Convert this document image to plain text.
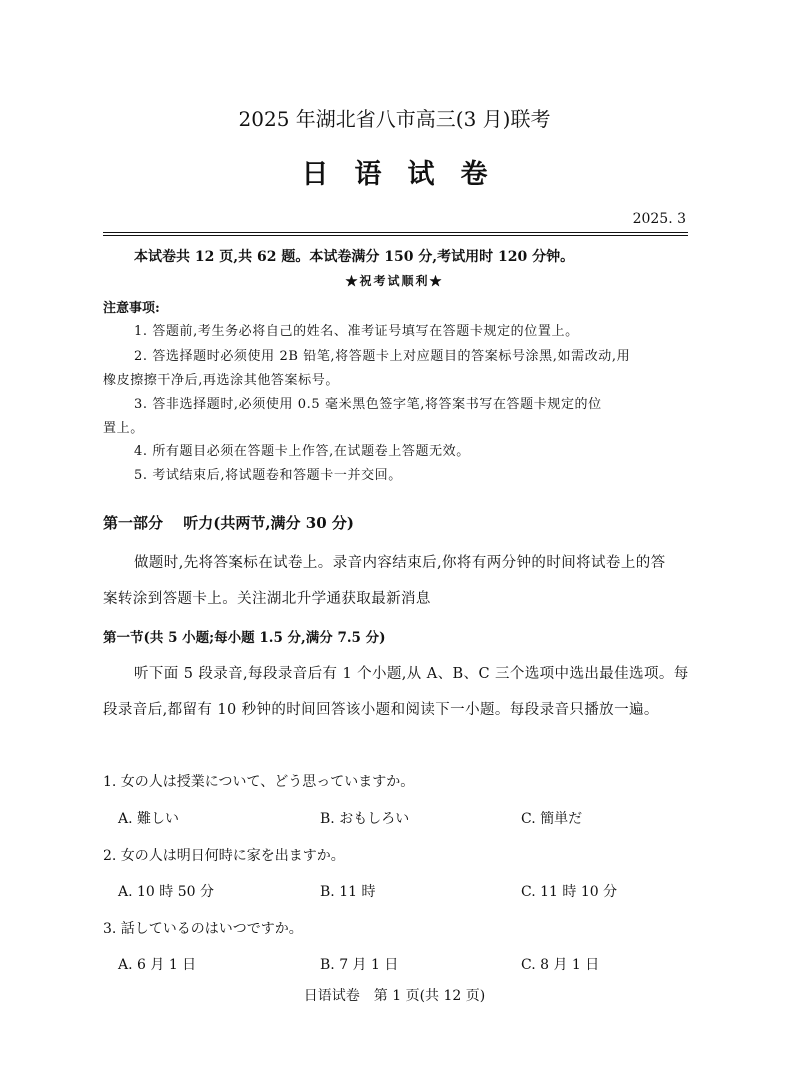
2025 年湖北省八市高三(3 月)联考
日语试卷
2025. 3
本试卷共 12 页,共 62 题。本试卷满分 150 分,考试用时 120 分钟。
★祝考试顺利★
注意事项:
1. 答题前,考生务必将自己的姓名、准考证号填写在答题卡规定的位置上。
2. 答选择题时必须使用 2B 铅笔,将答题卡上对应题目的答案标号涂黑,如需改动,用
橡皮擦擦干净后,再选涂其他答案标号。
3. 答非选择题时,必须使用 0.5 毫米黑色签字笔,将答案书写在答题卡规定的位
置上。
4. 所有题目必须在答题卡上作答,在试题卷上答题无效。
5. 考试结束后,将试题卷和答题卡一并交回。
第一部分　 听力(共两节,满分 30 分)
做题时,先将答案标在试卷上。录音内容结束后,你将有两分钟的时间将试卷上的答
案转涂到答题卡上。关注湖北升学通获取最新消息
第一节(共 5 小题;每小题 1.5 分,满分 7.5 分)
听下面 5 段录音,每段录音后有 1 个小题,从 A、B、C 三个选项中选出最佳选项。每
段录音后,都留有 10 秒钟的时间回答该小题和阅读下一小题。每段录音只播放一遍。
1. 女の人は授業について、どう思っていますか。
A. 難しい	B. おもしろい	C. 簡単だ
2. 女の人は明日何時に家を出ますか。
A. 10 時 50 分	B. 11 時	C. 11 時 10 分
3. 話しているのはいつですか。
A. 6 月 1 日	B. 7 月 1 日	C. 8 月 1 日
日语试卷　第 1 页(共 12 页)
